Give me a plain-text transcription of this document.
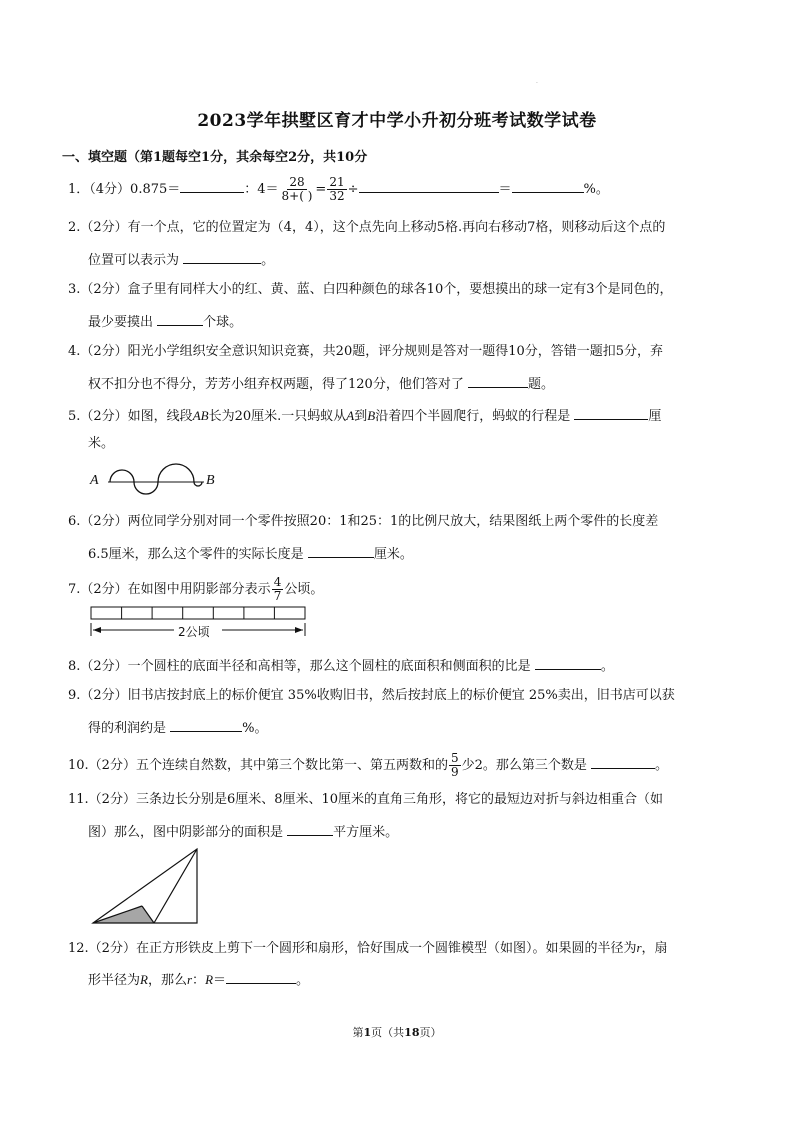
·
2023学年拱墅区育才中学小升初分班考试数学试卷
一、填空题（第1题每空1分，其余每空2分，共10分
1．（4分）0.875＝	：$4= \frac{28}{8+( )} = \frac{21}{32}$ ÷	＝	%。
2.（2分）有一个点，它的位置定为（4，4），这个点先向上移动5格.再向右移动7格，则移动后这个点的
位置可以表示为	。
3.（2分）盒子里有同样大小的红、黄、蓝、白四种颜色的球各10个，要想摸出的球一定有3个是同色的，
最少要摸出	个球。
4.（2分）阳光小学组织安全意识知识竞赛，共20题，评分规则是答对一题得10分，答错一题扣5分，弃
权不扣分也不得分，芳芳小组弃权两题，得了120分，他们答对了	题。
5.（2分）如图，线段AB长为20厘米.一只蚂蚁从A到B沿着四个半圆爬行，蚂蚁的行程是	厘
米。
A	B
6.（2分）两位同学分别对同一个零件按照20：1和25：1的比例尺放大，结果图纸上两个零件的长度差
6.5厘米，那么这个零件的实际长度是	厘米。
7.（2分）在如图中用阴影部分表示 $\frac{4}{7}$ 公顷。
2公顷
8.（2分）一个圆柱的底面半径和高相等，那么这个圆柱的底面积和侧面积的比是	。
9.（2分）旧书店按封底上的标价便宜 35%收购旧书，然后按封底上的标价便宜 25%卖出，旧书店可以获
得的利润约是	%。
10.（2分）五个连续自然数，其中第三个数比第一、第五两数和的 $\frac{5}{9}$ 少2。那么第三个数是	。
11.（2分）三条边长分别是6厘米、8厘米、10厘米的直角三角形，将它的最短边对折与斜边相重合（如
图）那么，图中阴影部分的面积是	平方厘米。
12.（2分）在正方形铁皮上剪下一个圆形和扇形，恰好围成一个圆锥模型（如图）。如果圆的半径为r，扇
形半径为R，那么r：R＝	。
第1页（共18页）
